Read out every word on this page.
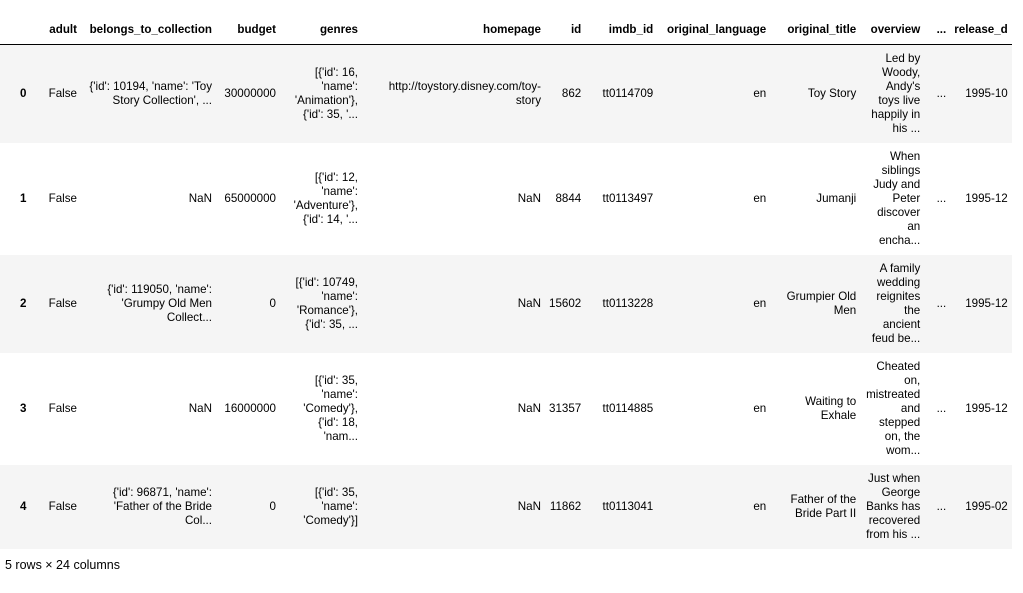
	adult	belongs_to_collection	budget	genres	homepage	id	imdb_id	original_language	original_title	overview	...	release_d
0	False	{'id': 10194, 'name': 'Toy Story Collection', ...	30000000	[{'id': 16, 'name': 'Animation'}, {'id': 35, '...	http://toystory.disney.com/toy-story	862	tt0114709	en	Toy Story	Led by Woody, Andy's toys live happily in his ...	...	1995-10
1	False	NaN	65000000	[{'id': 12, 'name': 'Adventure'}, {'id': 14, '...	NaN	8844	tt0113497	en	Jumanji	When siblings Judy and Peter discover an encha...	...	1995-12
2	False	{'id': 119050, 'name': 'Grumpy Old Men Collect...	0	[{'id': 10749, 'name': 'Romance'}, {'id': 35, ...	NaN	15602	tt0113228	en	Grumpier Old Men	A family wedding reignites the ancient feud be...	...	1995-12
3	False	NaN	16000000	[{'id': 35, 'name': 'Comedy'}, {'id': 18, 'nam...	NaN	31357	tt0114885	en	Waiting to Exhale	Cheated on, mistreated and stepped on, the wom...	...	1995-12
4	False	{'id': 96871, 'name': 'Father of the Bride Col...	0	[{'id': 35, 'name': 'Comedy'}]	NaN	11862	tt0113041	en	Father of the Bride Part II	Just when George Banks has recovered from his ...	...	1995-02
5 rows × 24 columns
